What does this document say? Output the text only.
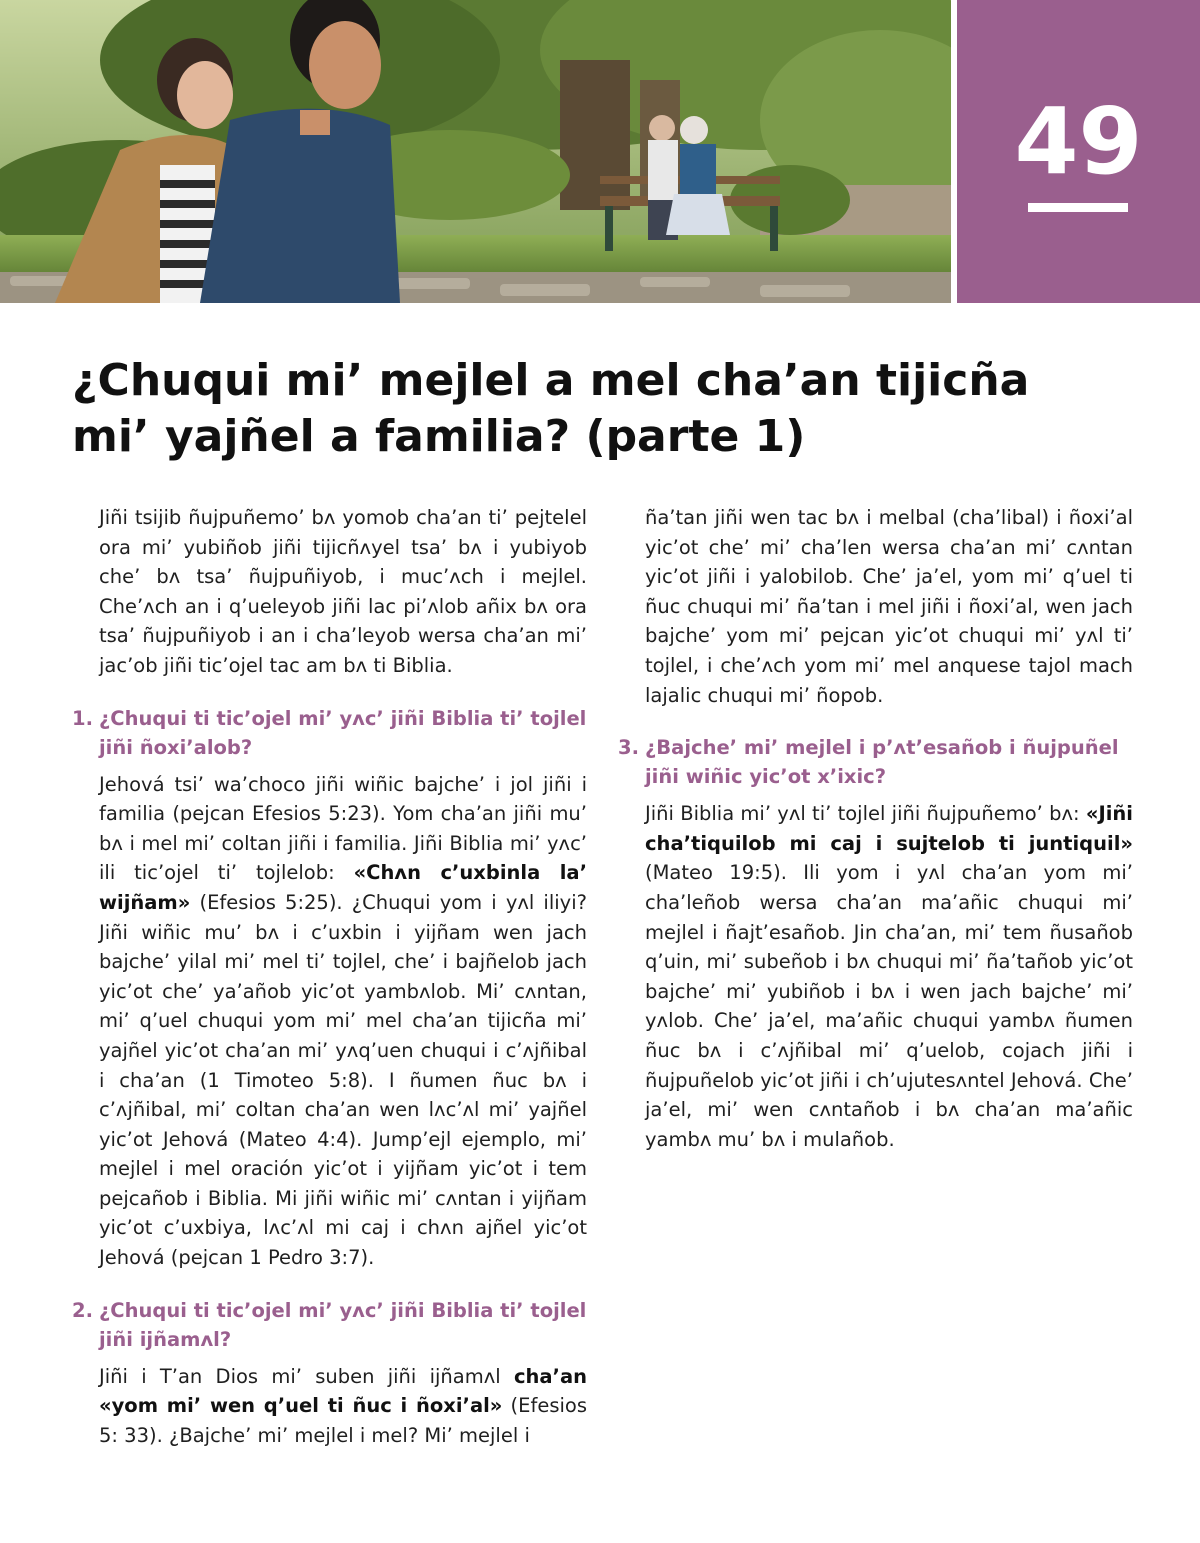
49
¿Chuqui mi’ mejlel a mel cha’an tijicña
mi’ yajñel a familia? (parte 1)

Jiñi tsijib ñujpuñemo’ bʌ yomob cha’an ti’ pejtelel ora mi’ yubiñob jiñi tijicñʌyel tsa’ bʌ i yubiyob che’ bʌ tsa’ ñujpuñiyob, i muc’ʌch i mejlel. Che’ʌch an i q’ueleyob jiñi lac pi’ʌlob añix bʌ ora tsa’ ñujpuñiyob i an i cha’leyob wersa cha’an mi’ jac’ob jiñi tic’ojel tac am bʌ ti Biblia.

1. ¿Chuqui ti tic’ojel mi’ yʌc’ jiñi Biblia ti’ tojlel jiñi ñoxi’alob?

Jehová tsi’ wa’choco jiñi wiñic bajche’ i jol jiñi i familia (pejcan Efesios 5:23). Yom cha’an jiñi mu’ bʌ i mel mi’ coltan jiñi i familia. Jiñi Biblia mi’ yʌc’ ili tic’ojel ti’ tojlelob: «Chʌn c’uxbinla la’ wijñam» (Efesios 5:25). ¿Chuqui yom i yʌl iliyi? Jiñi wiñic mu’ bʌ i c’uxbin i yijñam wen jach bajche’ yilal mi’ mel ti’ tojlel, che’ i bajñelob jach yic’ot che’ ya’añob yic’ot yambʌlob. Mi’ cʌntan, mi’ q’uel chuqui yom mi’ mel cha’an tijicña mi’ yajñel yic’ot cha’an mi’ yʌq’uen chuqui i c’ʌjñibal i cha’an (1 Timoteo 5:8). I ñumen ñuc bʌ i c’ʌjñibal, mi’ coltan cha’an wen lʌc’ʌl mi’ yajñel yic’ot Jehová (Mateo 4:4). Jump’ejl ejemplo, mi’ mejlel i mel oración yic’ot i yijñam yic’ot i tem pejcañob i Biblia. Mi jiñi wiñic mi’ cʌntan i yijñam yic’ot c’uxbiya, lʌc’ʌl mi caj i chʌn ajñel yic’ot Jehová (pejcan 1 Pedro 3:7).

2. ¿Chuqui ti tic’ojel mi’ yʌc’ jiñi Biblia ti’ tojlel jiñi ijñamʌl?

Jiñi i T’an Dios mi’ suben jiñi ijñamʌl cha’an «yom mi’ wen q’uel ti ñuc i ñoxi’al» (Efesios 5: 33). ¿Bajche’ mi’ mejlel i mel? Mi’ mejlel i

ña’tan jiñi wen tac bʌ i melbal (cha’libal) i ñoxi’al yic’ot che’ mi’ cha’len wersa cha’an mi’ cʌntan yic’ot jiñi i yalobilob. Che’ ja’el, yom mi’ q’uel ti ñuc chuqui mi’ ña’tan i mel jiñi i ñoxi’al, wen jach bajche’ yom mi’ pejcan yic’ot chuqui mi’ yʌl ti’ tojlel, i che’ʌch yom mi’ mel anquese tajol mach lajalic chuqui mi’ ñopob.

3. ¿Bajche’ mi’ mejlel i p’ʌt’esañob i ñujpuñel jiñi wiñic yic’ot x’ixic?

Jiñi Biblia mi’ yʌl ti’ tojlel jiñi ñujpuñemo’ bʌ: «Jiñi cha’tiquilob mi caj i sujtelob ti juntiquil» (Mateo 19:5). Ili yom i yʌl cha’an yom mi’ cha’leñob wersa cha’an ma’añic chuqui mi’ mejlel i ñajt’esañob. Jin cha’an, mi’ tem ñusañob q’uin, mi’ subeñob i bʌ chuqui mi’ ña’tañob yic’ot bajche’ mi’ yubiñob i bʌ i wen jach bajche’ mi’ yʌlob. Che’ ja’el, ma’añic chuqui yambʌ ñumen ñuc bʌ i c’ʌjñibal mi’ q’uelob, cojach jiñi i ñujpuñelob yic’ot jiñi i ch’ujutesʌntel Jehová. Che’ ja’el, mi’ wen cʌntañob i bʌ cha’an ma’añic yambʌ mu’ bʌ i mulañob.
